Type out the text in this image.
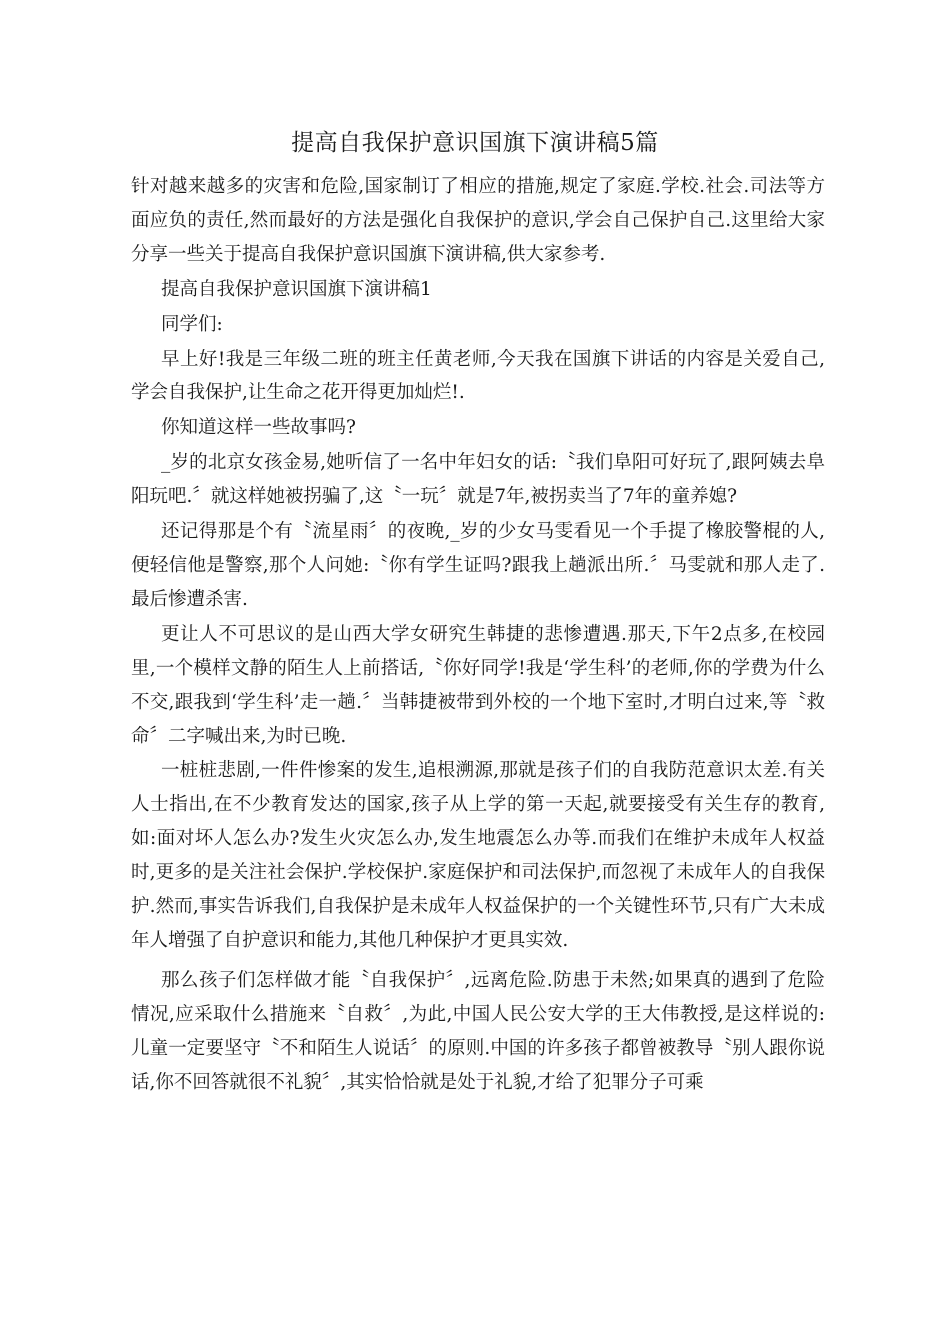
提高自我保护意识国旗下演讲稿5篇

针对越来越多的灾害和危险,国家制订了相应的措施,规定了家庭.学校.社会.司法等方面应负的责任,然而最好的方法是强化自我保护的意识,学会自己保护自己.这里给大家分享一些关于提高自我保护意识国旗下演讲稿,供大家参考.

提高自我保护意识国旗下演讲稿1

同学们:

早上好!我是三年级二班的班主任黄老师,今天我在国旗下讲话的内容是关爱自己,学会自我保护,让生命之花开得更加灿烂!.

你知道这样一些故事吗?

_岁的北京女孩金易,她听信了一名中年妇女的话:〝我们阜阳可好玩了,跟阿姨去阜阳玩吧.〞就这样她被拐骗了,这〝一玩〞就是7年,被拐卖当了7年的童养媳?

还记得那是个有〝流星雨〞的夜晚,_岁的少女马雯看见一个手提了橡胶警棍的人,便轻信他是警察,那个人问她:〝你有学生证吗?跟我上趟派出所.〞马雯就和那人走了.最后惨遭杀害.

更让人不可思议的是山西大学女研究生韩捷的悲惨遭遇.那天,下午2点多,在校园里,一个模样文静的陌生人上前搭话,〝你好同学!我是‘学生科’的老师,你的学费为什么不交,跟我到‘学生科’走一趟.〞当韩捷被带到外校的一个地下室时,才明白过来,等〝救命〞二字喊出来,为时已晚.

一桩桩悲剧,一件件惨案的发生,追根溯源,那就是孩子们的自我防范意识太差.有关人士指出,在不少教育发达的国家,孩子从上学的第一天起,就要接受有关生存的教育,如:面对坏人怎么办?发生火灾怎么办,发生地震怎么办等.而我们在维护未成年人权益时,更多的是关注社会保护.学校保护.家庭保护和司法保护,而忽视了未成年人的自我保护.然而,事实告诉我们,自我保护是未成年人权益保护的一个关键性环节,只有广大未成年人增强了自护意识和能力,其他几种保护才更具实效.

那么孩子们怎样做才能〝自我保护〞,远离危险.防患于未然;如果真的遇到了危险情况,应采取什么措施来〝自救〞,为此,中国人民公安大学的王大伟教授,是这样说的:儿童一定要坚守〝不和陌生人说话〞的原则.中国的许多孩子都曾被教导〝别人跟你说话,你不回答就很不礼貌〞,其实恰恰就是处于礼貌,才给了犯罪分子可乘
